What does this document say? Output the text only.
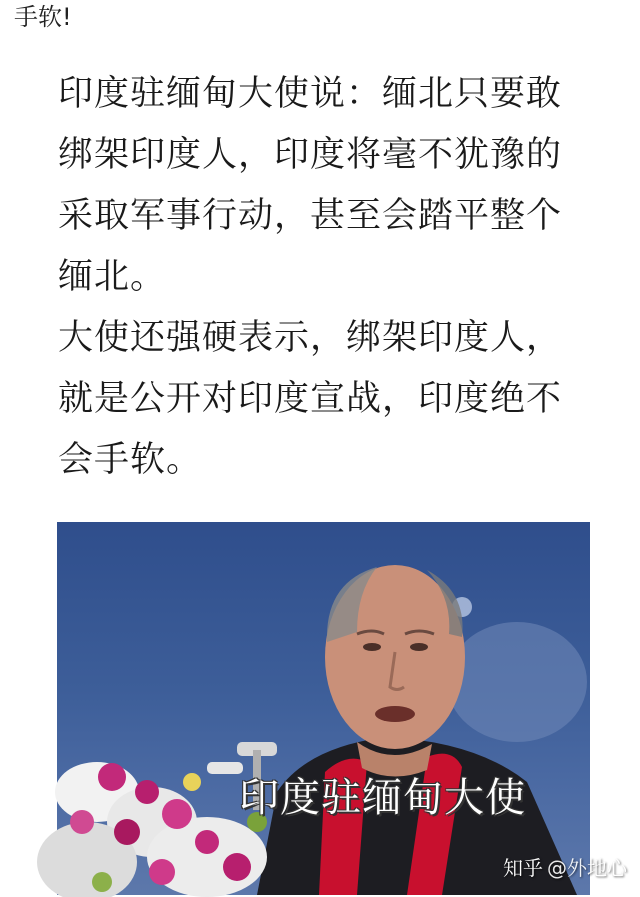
手软!

印度驻缅甸大使说：缅北只要敢绑架印度人，印度将毫不犹豫的采取军事行动，甚至会踏平整个缅北。

大使还强硬表示，绑架印度人，就是公开对印度宣战，印度绝不会手软。

印度驻缅甸大使
知乎 @外地心
